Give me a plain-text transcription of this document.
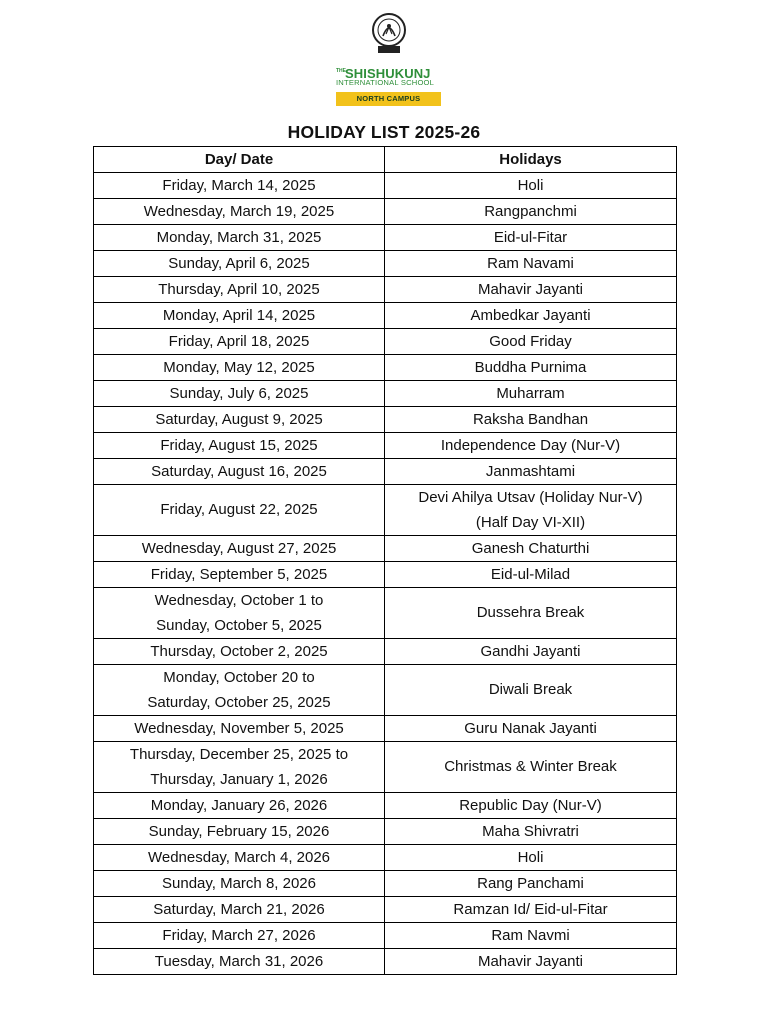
THE SHISHUKUNJ
INTERNATIONAL SCHOOL
NORTH CAMPUS
HOLIDAY LIST 2025-26
Day/ Date	Holidays

Friday, March 14, 2025	Holi

Wednesday, March 19, 2025	Rangpanchmi

Monday, March 31, 2025	Eid-ul-Fitar

Sunday, April 6, 2025	Ram Navami

Thursday, April 10, 2025	Mahavir Jayanti

Monday, April 14, 2025	Ambedkar Jayanti

Friday, April 18, 2025	Good Friday

Monday, May 12, 2025	Buddha Purnima

Sunday, July 6, 2025	Muharram

Saturday, August 9, 2025	Raksha Bandhan

Friday, August 15, 2025	Independence Day (Nur-V)

Saturday, August 16, 2025	Janmashtami

Friday, August 22, 2025	Devi Ahilya Utsav (Holiday Nur-V)
(Half Day VI-XII)

Wednesday, August 27, 2025	Ganesh Chaturthi

Friday, September 5, 2025	Eid-ul-Milad

Wednesday, October 1 to
Sunday, October 5, 2025	Dussehra Break

Thursday, October 2, 2025	Gandhi Jayanti

Monday, October 20 to
Saturday, October 25, 2025	Diwali Break

Wednesday, November 5, 2025	Guru Nanak Jayanti

Thursday, December 25, 2025 to
Thursday, January 1, 2026	Christmas & Winter Break

Monday, January 26, 2026	Republic Day (Nur-V)

Sunday, February 15, 2026	Maha Shivratri

Wednesday, March 4, 2026	Holi

Sunday, March 8, 2026	Rang Panchami

Saturday, March 21, 2026	Ramzan Id/ Eid-ul-Fitar

Friday, March 27, 2026	Ram Navmi

Tuesday, March 31, 2026	Mahavir Jayanti
